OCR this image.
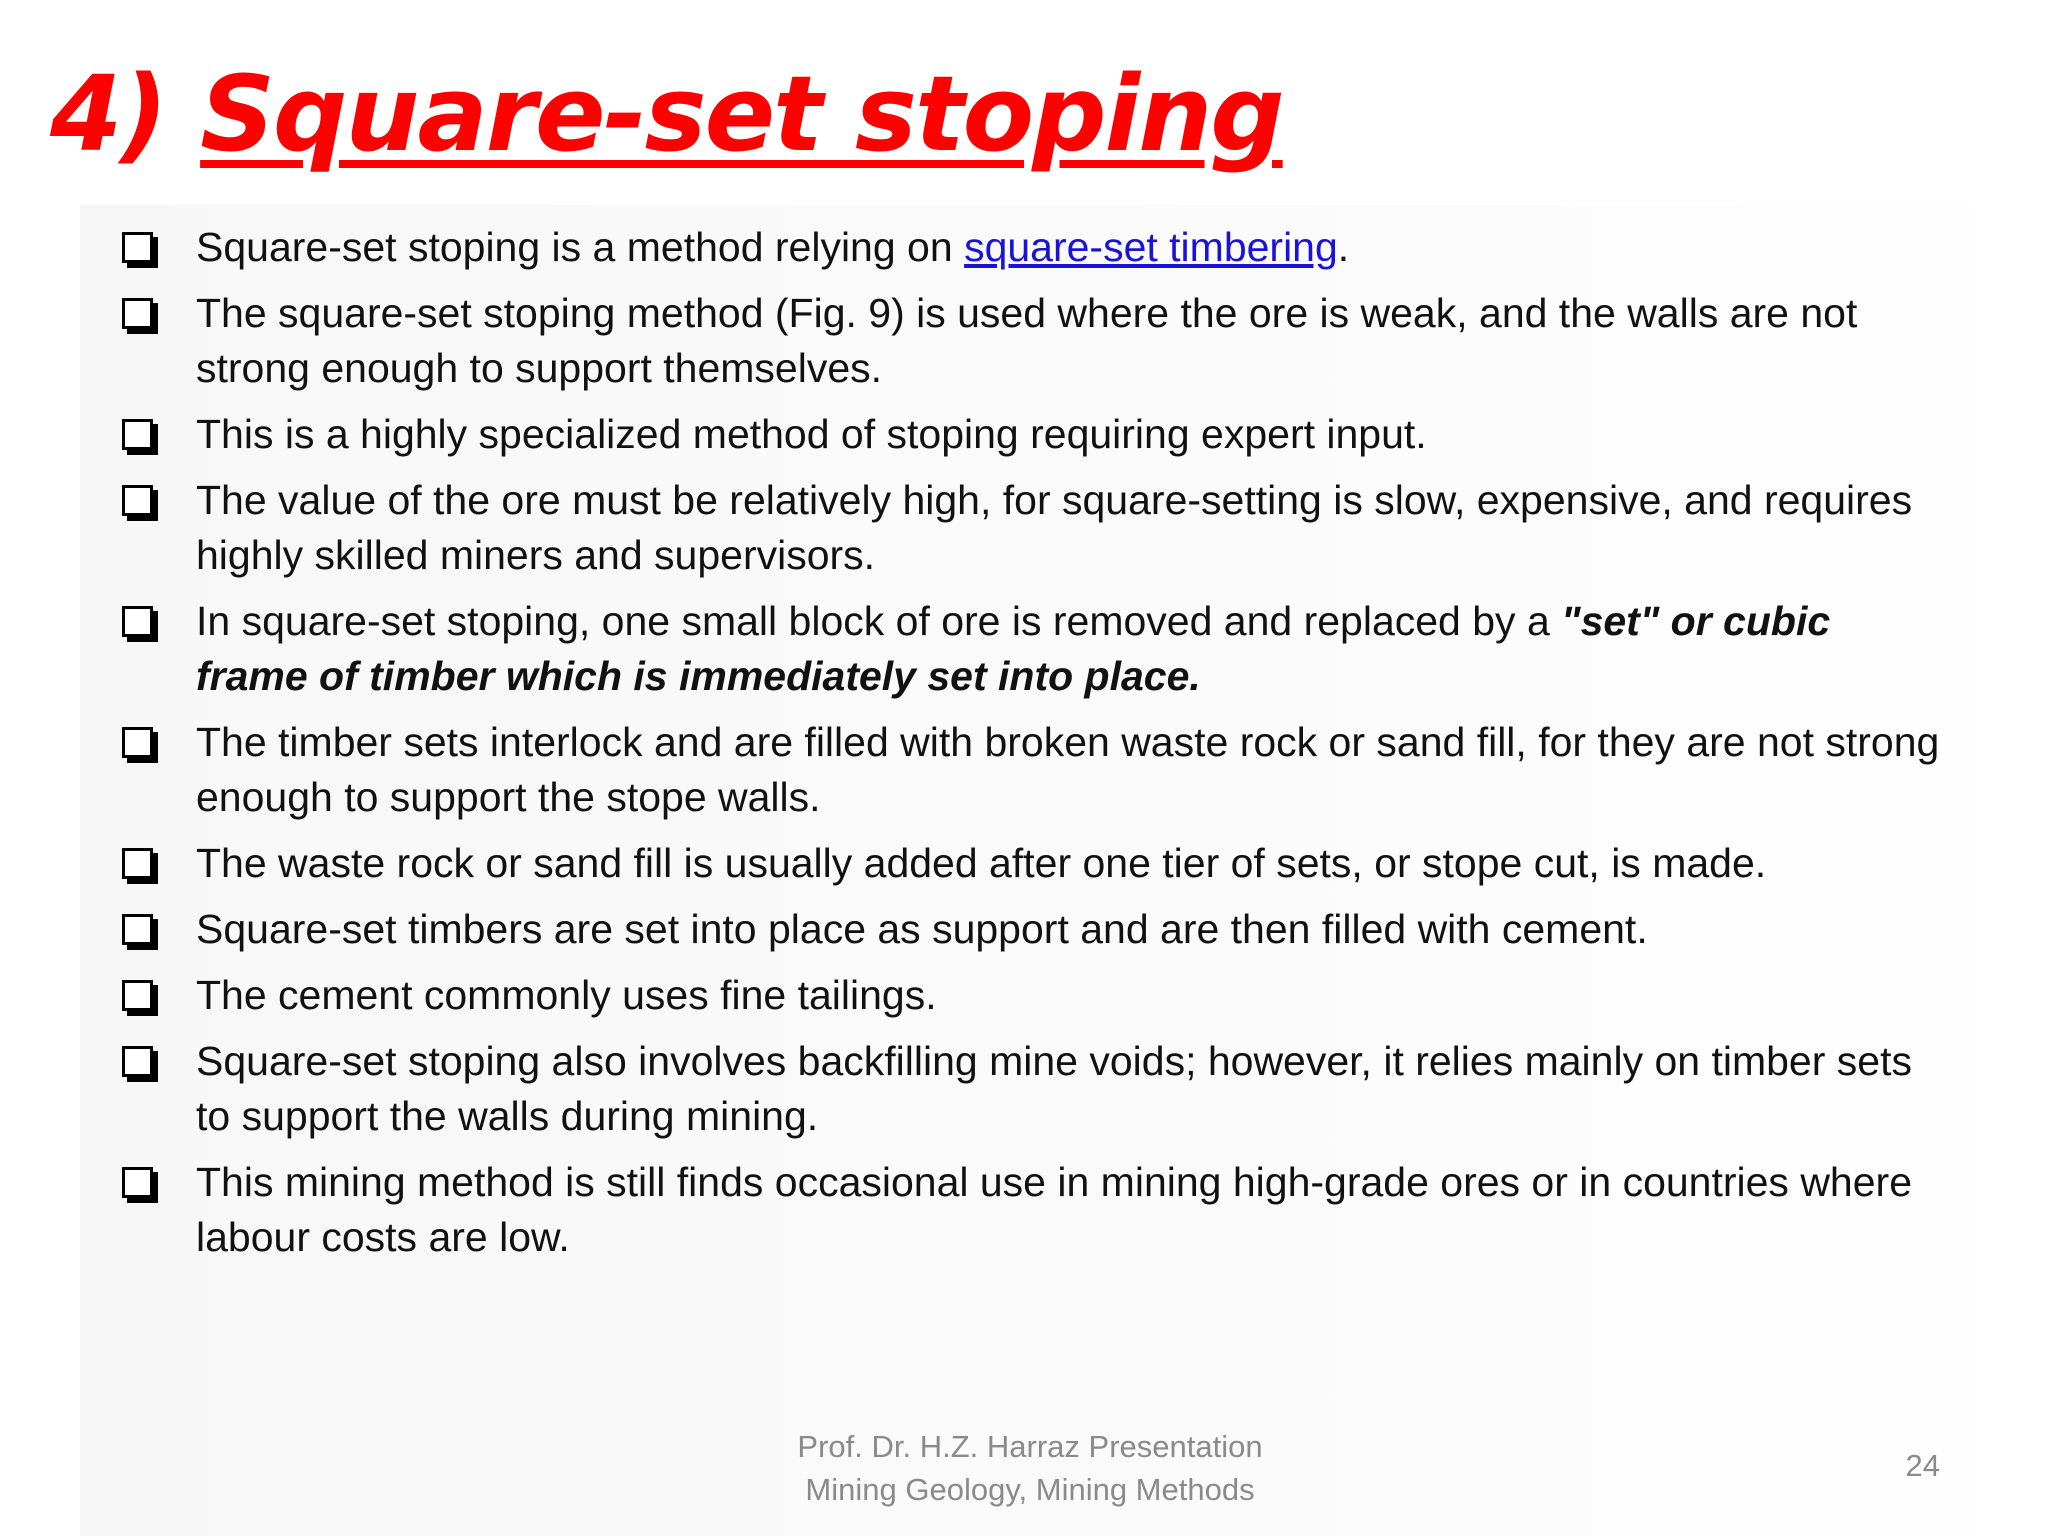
4) Square-set stoping
Square-set stoping is a method relying on square-set timbering.
The square-set stoping method (Fig. 9) is used where the ore is weak, and the walls are not strong enough to support themselves.
This is a highly specialized method of stoping requiring expert input.
The value of the ore must be relatively high, for square-setting is slow, expensive, and requires highly skilled miners and supervisors.
In square-set stoping, one small block of ore is removed and replaced by a "set" or cubic frame of timber which is immediately set into place.
The timber sets interlock and are filled with broken waste rock or sand fill, for they are not strong enough to support the stope walls.
The waste rock or sand fill is usually added after one tier of sets, or stope cut, is made.
Square-set timbers are set into place as support and are then filled with cement.
The cement commonly uses fine tailings.
Square-set stoping also involves backfilling mine voids; however, it relies mainly on timber sets to support the walls during mining.
This mining method is still finds occasional use in mining high-grade ores or in countries where labour costs are low.
Prof. Dr. H.Z. Harraz Presentation
Mining Geology, Mining Methods
24
